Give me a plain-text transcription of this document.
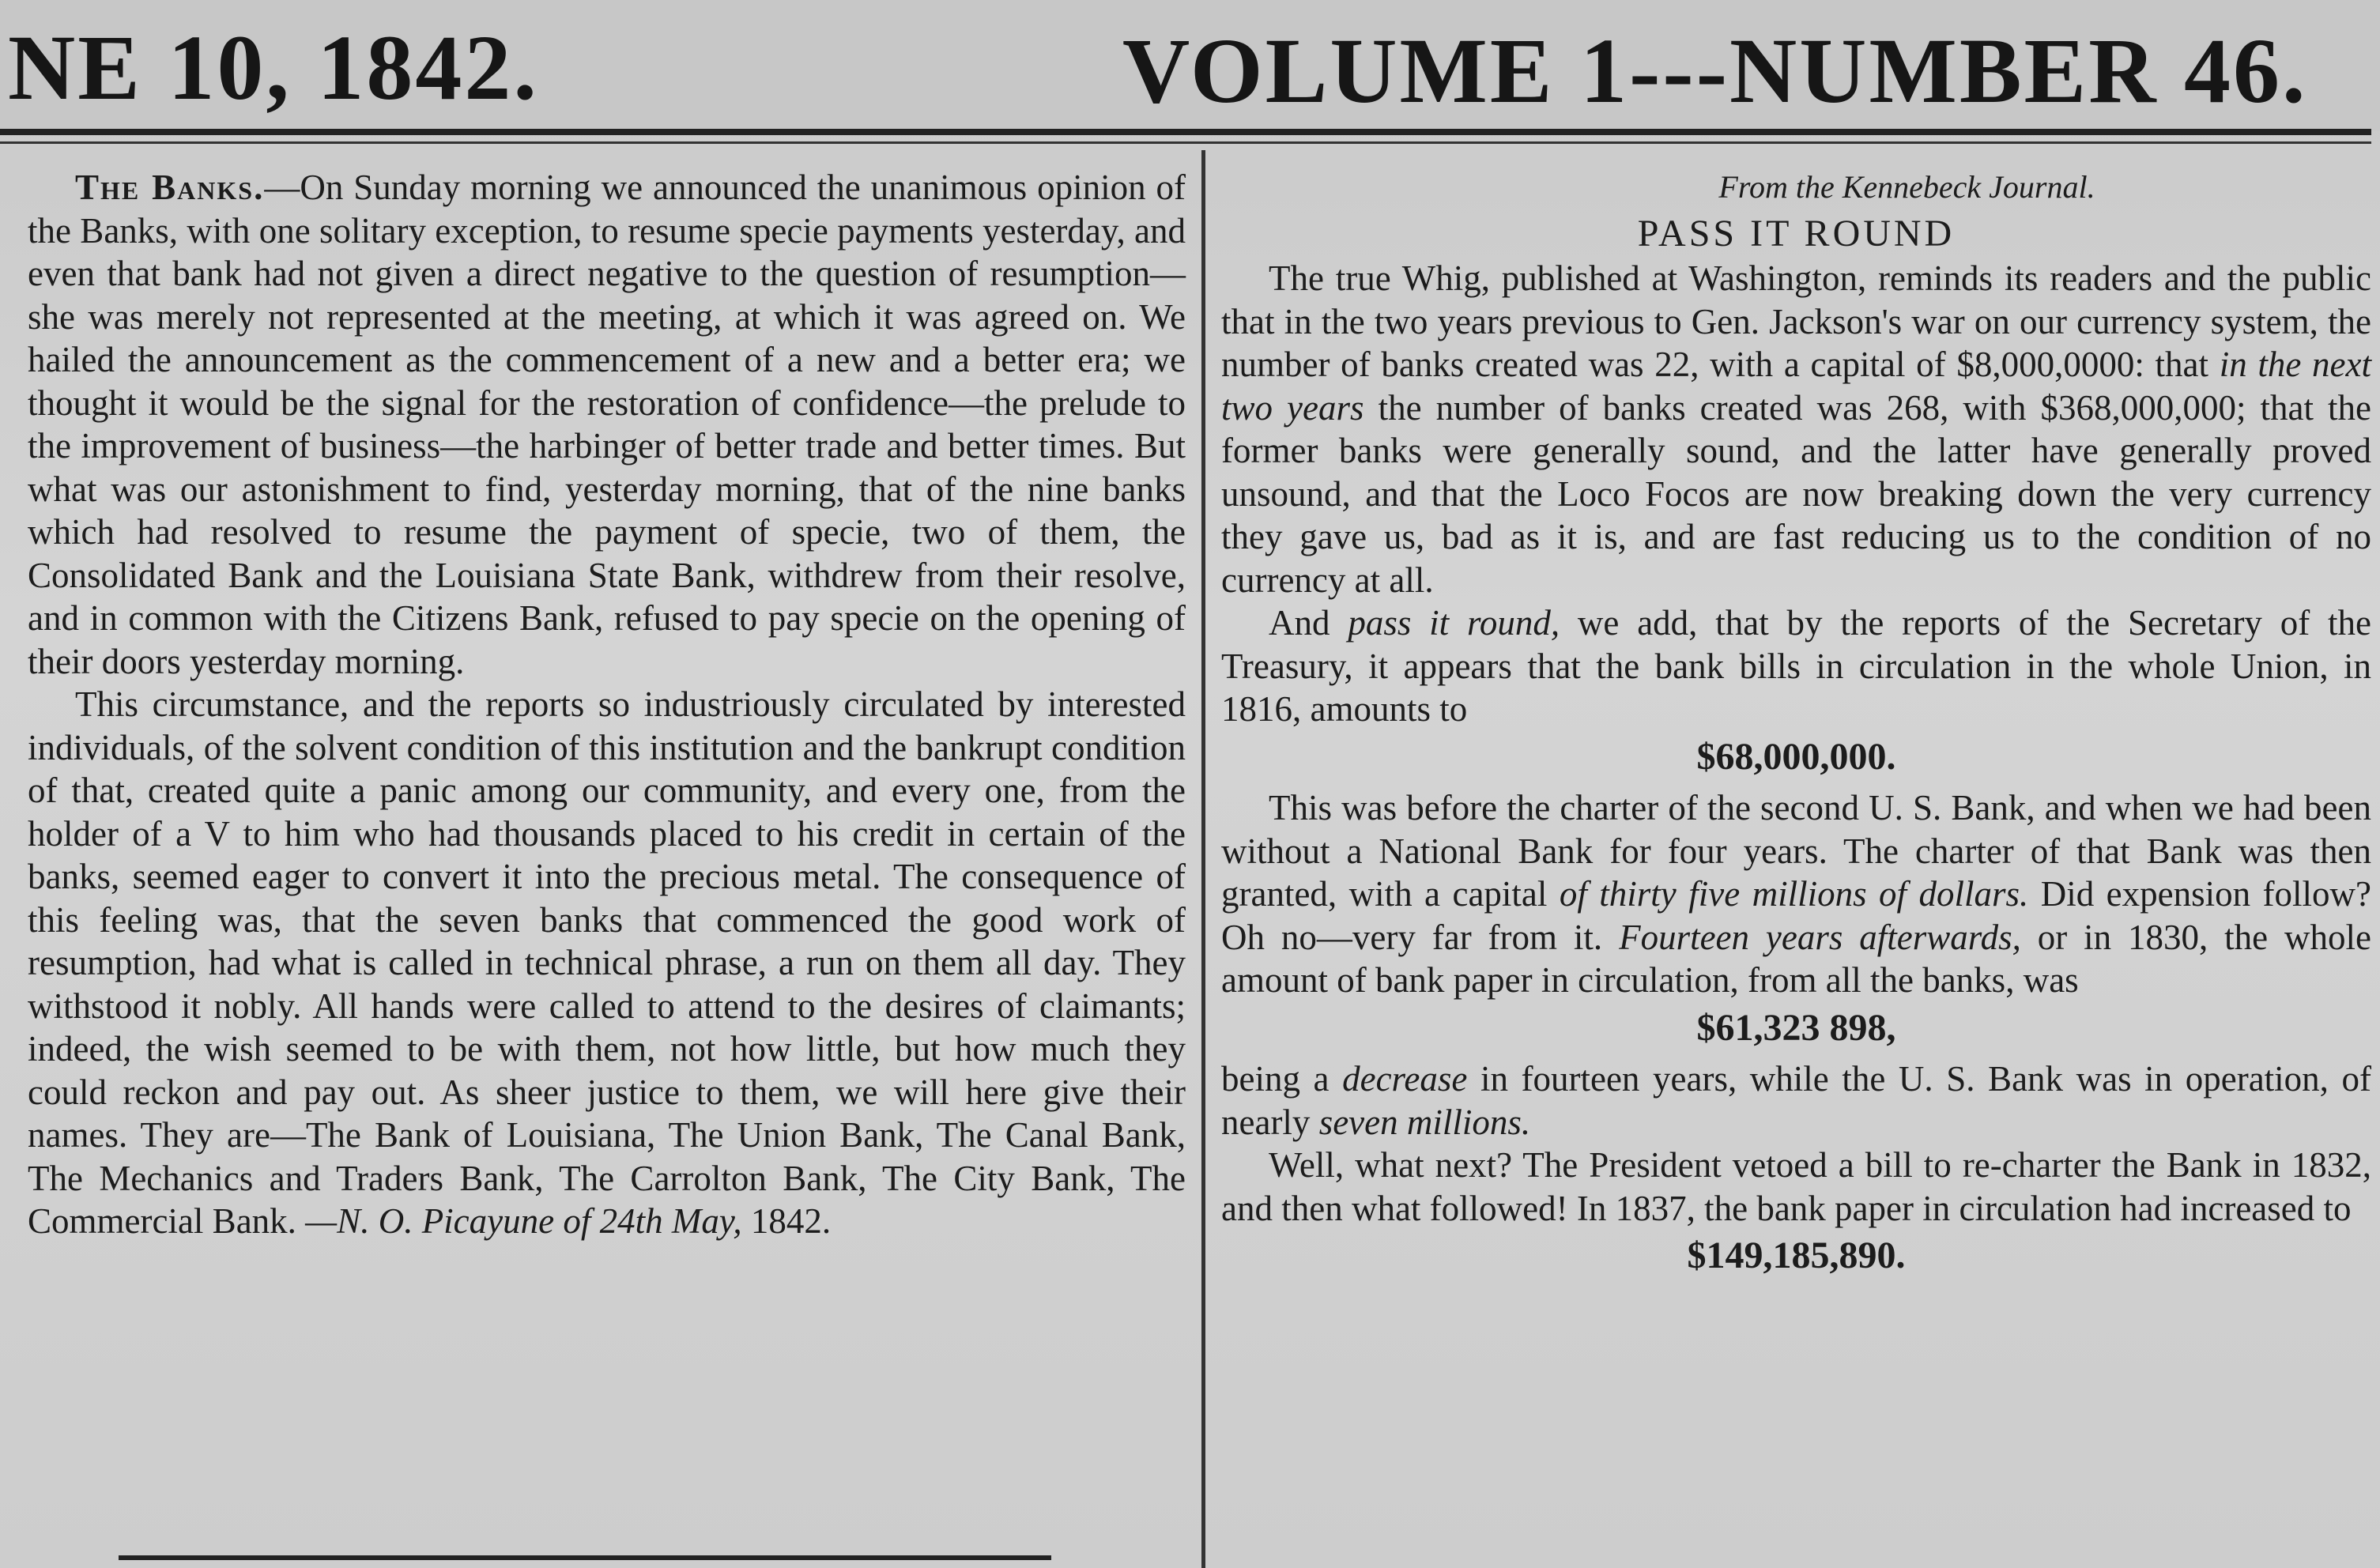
NE 10, 1842.	VOLUME 1---NUMBER 46.

The Banks.—On Sunday morning we announced the unanimous opinion of the Banks, with one solitary exception, to resume specie payments yesterday, and even that bank had not given a direct negative to the question of resumption—she was merely not represented at the meeting, at which it was agreed on. We hailed the announcement as the commencement of a new and a better era; we thought it would be the signal for the restoration of confidence—the prelude to the improvement of business—the harbinger of better trade and better times. But what was our astonishment to find, yesterday morning, that of the nine banks which had resolved to resume the payment of specie, two of them, the Consolidated Bank and the Louisiana State Bank, withdrew from their resolve, and in common with the Citizens Bank, refused to pay specie on the opening of their doors yesterday morning.

This circumstance, and the reports so industriously circulated by interested individuals, of the solvent condition of this institution and the bankrupt condition of that, created quite a panic among our community, and every one, from the holder of a V to him who had thousands placed to his credit in certain of the banks, seemed eager to convert it into the precious metal. The consequence of this feeling was, that the seven banks that commenced the good work of resumption, had what is called in technical phrase, a run on them all day. They withstood it nobly. All hands were called to attend to the desires of claimants; indeed, the wish seemed to be with them, not how little, but how much they could reckon and pay out. As sheer justice to them, we will here give their names. They are—The Bank of Louisiana, The Union Bank, The Canal Bank, The Mechanics and Traders Bank, The Carrolton Bank, The City Bank, The Commercial Bank. —N. O. Picayune of 24th May, 1842.

From the Kennebeck Journal.

PASS IT ROUND

The true Whig, published at Washington, reminds its readers and the public that in the two years previous to Gen. Jackson's war on our currency system, the number of banks created was 22, with a capital of $8,000,0000: that in the next two years the number of banks created was 268, with $368,000,000; that the former banks were generally sound, and the latter have generally proved unsound, and that the Loco Focos are now breaking down the very currency they gave us, bad as it is, and are fast reducing us to the condition of no currency at all.

And pass it round, we add, that by the reports of the Secretary of the Treasury, it appears that the bank bills in circulation in the whole Union, in 1816, amounts to

$68,000,000.

This was before the charter of the second U. S. Bank, and when we had been without a National Bank for four years. The charter of that Bank was then granted, with a capital of thirty five millions of dollars. Did expension follow? Oh no—very far from it. Fourteen years afterwards, or in 1830, the whole amount of bank paper in circulation, from all the banks, was

$61,323 898,

being a decrease in fourteen years, while the U. S. Bank was in operation, of nearly seven millions.

Well, what next? The President vetoed a bill to re-charter the Bank in 1832, and then what followed! In 1837, the bank paper in circulation had increased to

$149,185,890.
